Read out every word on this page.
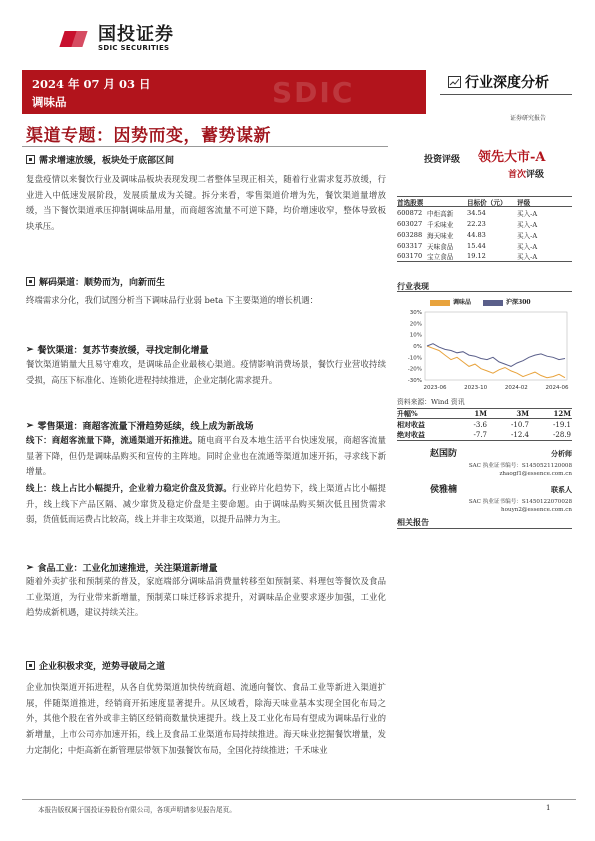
国投证券
SDIC SECURITIES
SDIC
2024 年 07 月 03 日
调味品
行业深度分析
证券研究报告
渠道专题：因势而变，蓄势谋新
需求增速放缓，板块处于底部区间
复盘疫情以来餐饮行业及调味品板块表现发现二者整体呈现正相关，随着行业需求复苏放缓，行业进入中低速发展阶段，发展质量成为关键。拆分来看，零售渠道价增为先，餐饮渠道量增放缓，当下餐饮渠道承压抑制调味品用量，而商超客流量不可逆下降，均价增速收窄，整体导致板块承压。
解码渠道：顺势而为，向新而生
终端需求分化，我们试图分析当下调味品行业弱 beta 下主要渠道的增长机遇：
➢ 餐饮渠道：复苏节奏放缓，寻找定制化增量
餐饮渠道销量大且易守难攻，是调味品企业最核心渠道。疫情影响消费场景，餐饮行业营收持续受损，高压下标准化、连锁化进程持续推进，企业定制化需求提升。
➢ 零售渠道：商超客流量下滑趋势延续，线上成为新战场
线下：商超客流量下降，流通渠道开拓推进。随电商平台及本地生活平台快速发展，商超客流量显著下降，但仍是调味品购买和宣传的主阵地。同时企业也在流通等渠道加速开拓，寻求线下新增量。
线上：线上占比小幅提升，企业着力稳定价盘及货源。行业碎片化趋势下，线上渠道占比小幅提升，线上线下产品区隔、减少窜货及稳定价盘是主要命题。由于调味品购买频次低且囤货需求弱，货值低而运费占比较高，线上并非主攻渠道，以提升品牌力为主。
➢ 食品工业：工业化加速推进，关注渠道新增量
随着外卖扩张和预制菜的普及，家庭端部分调味品消费量转移至如预制菜、料理包等餐饮及食品工业渠道，为行业带来新增量，预制菜口味迁移诉求提升，对调味品企业要求逐步加强，工业化趋势成新机遇，建议持续关注。
企业积极求变，逆势寻破局之道
企业加快渠道开拓进程，从各自优势渠道加快传统商超、流通向餐饮、食品工业等新进入渠道扩展，伴随渠道推进，经销商开拓速度显著提升。从区域看，除海天味业基本实现全国化布局之外，其他个股在省外或非主销区经销商数量快速提升。线上及工业化布局有望成为调味品行业的新增量，上市公司亦加速开拓，线上及食品工业渠道布局持续推进。海天味业挖掘餐饮增量，发力定制化；中炬高新在新管理层带领下加强餐饮布局，全国化持续推进；千禾味业
投资评级 领先大市-A
首次评级
首选股票	目标价（元）	评级
600872 中炬高新	34.54	买入-A
603027 千禾味业	22.23	买入-A
603288 海天味业	44.83	买入-A
603317 天味食品	15.44	买入-A
603170 宝立食品	19.12	买入-A
行业表现
调味品	沪深300
30%
20%
10%
0%
-10%
-20%
-30%
2023-06	2023-10	2024-02	2024-06
资料来源：Wind 资讯
升幅%	1M	3M	12M
相对收益	-3.6	-10.7	-19.1
绝对收益	-7.7	-12.4	-28.9
赵国防	分析师
SAC 执业证书编号：S1450521120008
zhaogf1@essence.com.cn
侯雅楠	联系人
SAC 执业证书编号：S1450122070028
houyn2@essence.com.cn
相关报告
本报告版权属于国投证券股份有限公司，各项声明请参见报告尾页。	1
